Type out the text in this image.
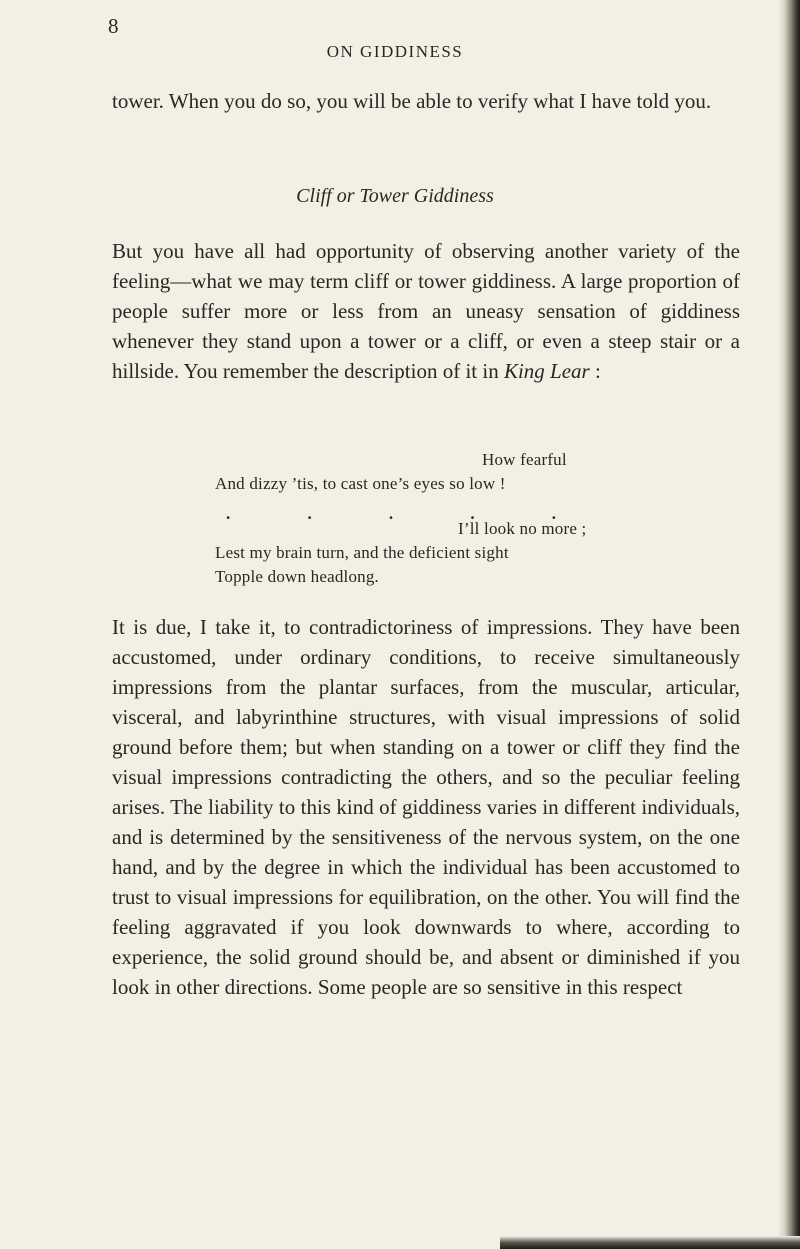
8

ON GIDDINESS

tower. When you do so, you will be able to verify what I have told you.

Cliff or Tower Giddiness

But you have all had opportunity of observing another variety of the feeling—what we may term cliff or tower giddiness. A large proportion of people suffer more or less from an uneasy sensation of giddiness whenever they stand upon a tower or a cliff, or even a steep stair or a hillside. You remember the description of it in King Lear :

How fearful

And dizzy ’tis, to cast one’s eyes so low !

.	.	.	.	.

I’ll look no more ;

Lest my brain turn, and the deficient sight

Topple down headlong.

It is due, I take it, to contradictoriness of impressions. They have been accustomed, under ordinary conditions, to receive simultaneously impressions from the plantar surfaces, from the muscular, articular, visceral, and labyrinthine structures, with visual impressions of solid ground before them; but when standing on a tower or cliff they find the visual impressions contradicting the others, and so the peculiar feeling arises. The liability to this kind of giddiness varies in different individuals, and is determined by the sensitiveness of the nervous system, on the one hand, and by the degree in which the individual has been accustomed to trust to visual impressions for equilibration, on the other. You will find the feeling aggravated if you look downwards to where, according to experience, the solid ground should be, and absent or diminished if you look in other directions. Some people are so sensitive in this respect
